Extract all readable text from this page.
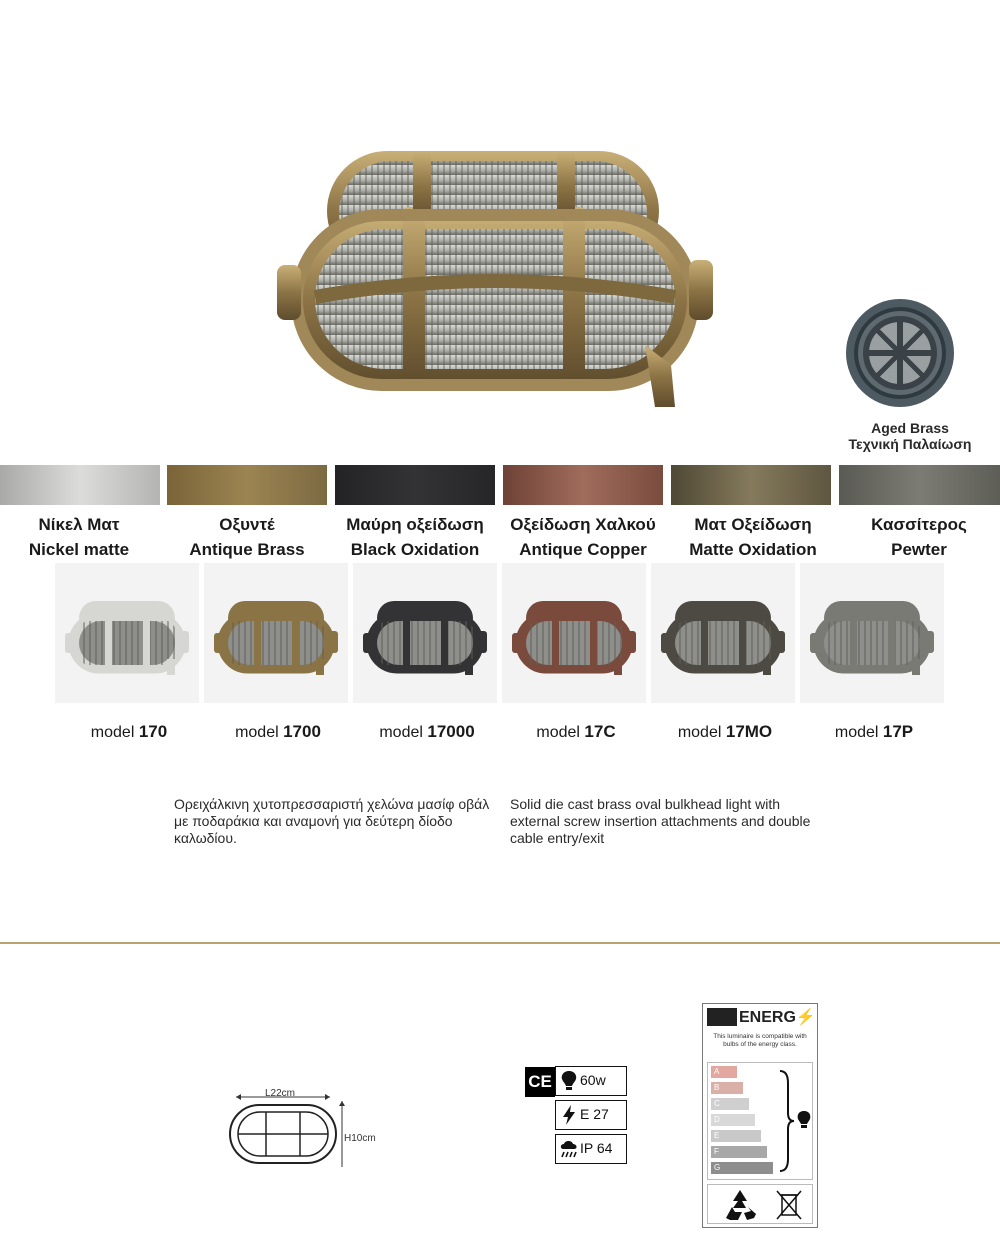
Aged Brass
Τεχνική Παλαίωση
Νίκελ Ματ
Nickel matte
Οξυντέ
Antique Brass
Μαύρη οξείδωση
Black Oxidation
Οξείδωση Χαλκού
Antique Copper
Ματ Οξείδωση
Matte Oxidation
Κασσίτερος
Pewter
model 170	model 1700	model 17000	model 17C	model 17MO	model 17P

Ορειχάλκινη χυτοπρεσσαριστή χελώνα μασίφ οβάλ με ποδαράκια και αναμονή για δεύτερη δίοδο καλωδίου.

Solid die cast brass oval bulkhead light with external screw insertion attachments and double cable entry/exit

L22cm
H10cm
CE 60w
E 27
IP 64
ENERG⚡
This luminaire is compatible with bulbs of the energy class.
A
B
C
D
E
F
G
